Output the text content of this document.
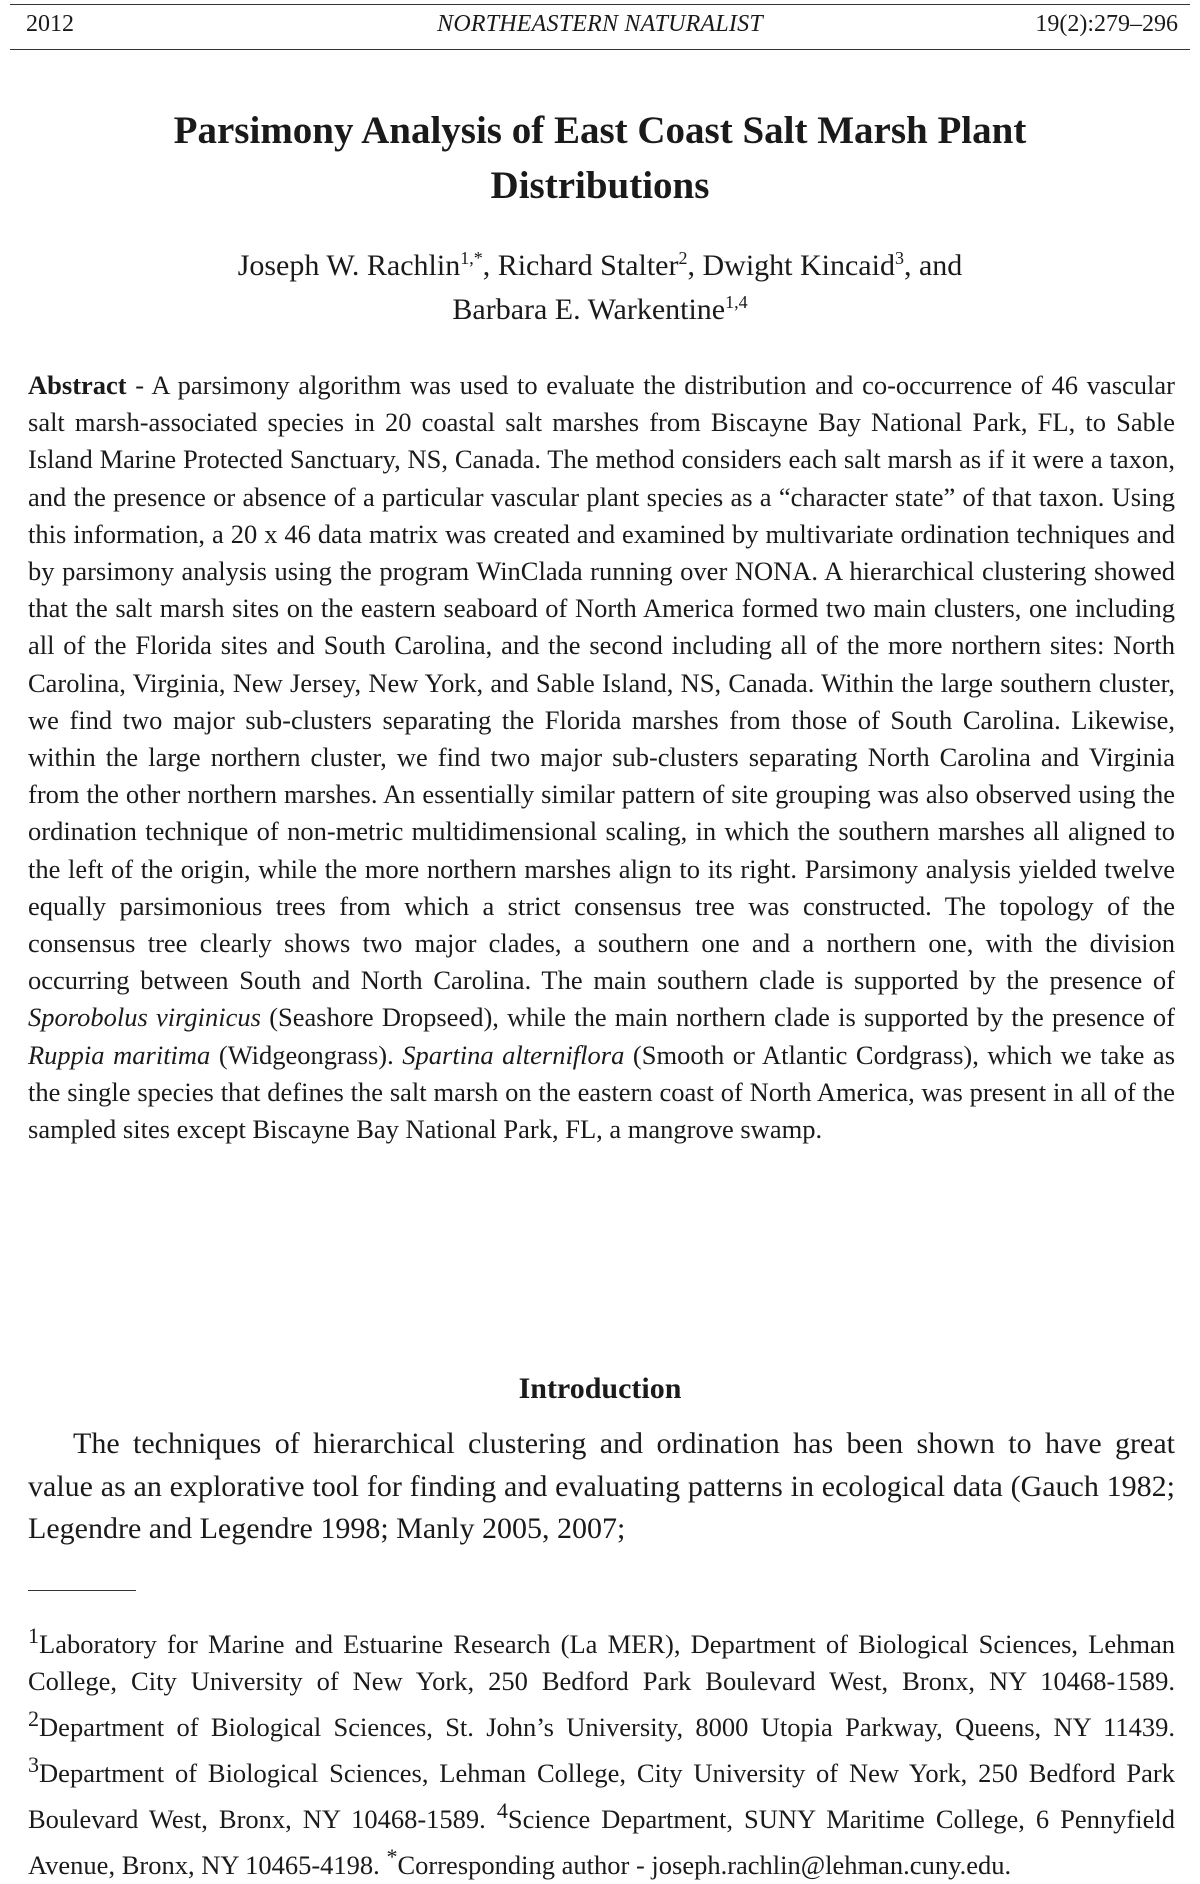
2012	NORTHEASTERN NATURALIST	19(2):279–296
Parsimony Analysis of East Coast Salt Marsh Plant Distributions
Joseph W. Rachlin$^{1,*}$, Richard Stalter$^2$, Dwight Kincaid$^3$, and
Barbara E. Warkentine$^{1,4}$

Abstract - A parsimony algorithm was used to evaluate the distribution and co-occurrence of 46 vascular salt marsh-associated species in 20 coastal salt marshes from Biscayne Bay National Park, FL, to Sable Island Marine Protected Sanctuary, NS, Canada. The method considers each salt marsh as if it were a taxon, and the presence or absence of a particular vascular plant species as a “character state” of that taxon. Using this information, a 20 x 46 data matrix was created and examined by multivariate ordination techniques and by parsimony analysis using the program WinClada running over NONA. A hierarchical clustering showed that the salt marsh sites on the eastern seaboard of North America formed two main clusters, one including all of the Florida sites and South Carolina, and the second including all of the more northern sites: North Carolina, Virginia, New Jersey, New York, and Sable Island, NS, Canada. Within the large southern cluster, we find two major sub-clusters separating the Florida marshes from those of South Carolina. Likewise, within the large northern cluster, we find two major sub-clusters separating North Carolina and Virginia from the other northern marshes. An essentially similar pattern of site grouping was also observed using the ordination technique of non-metric multidimensional scaling, in which the southern marshes all aligned to the left of the origin, while the more northern marshes align to its right. Parsimony analysis yielded twelve equally parsimonious trees from which a strict consensus tree was constructed. The topology of the consensus tree clearly shows two major clades, a southern one and a northern one, with the division occurring between South and North Carolina. The main southern clade is supported by the presence of Sporobolus virginicus (Seashore Dropseed), while the main northern clade is supported by the presence of Ruppia maritima (Widgeongrass). Spartina alterniflora (Smooth or Atlantic Cordgrass), which we take as the single species that defines the salt marsh on the eastern coast of North America, was present in all of the sampled sites except Biscayne Bay National Park, FL, a mangrove swamp.

Introduction

The techniques of hierarchical clustering and ordination has been shown to have great value as an explorative tool for finding and evaluating patterns in ecological data (Gauch 1982; Legendre and Legendre 1998; Manly 2005, 2007;

$^1$Laboratory for Marine and Estuarine Research (La MER), Department of Biological Sciences, Lehman College, City University of New York, 250 Bedford Park Boulevard West, Bronx, NY 10468-1589. $^2$Department of Biological Sciences, St. John’s University, 8000 Utopia Parkway, Queens, NY 11439. $^3$Department of Biological Sciences, Lehman College, City University of New York, 250 Bedford Park Boulevard West, Bronx, NY 10468-1589. $^4$Science Department, SUNY Maritime College, 6 Pennyfield Avenue, Bronx, NY 10465-4198. *Corresponding author - joseph.rachlin@lehman.cuny.edu.
